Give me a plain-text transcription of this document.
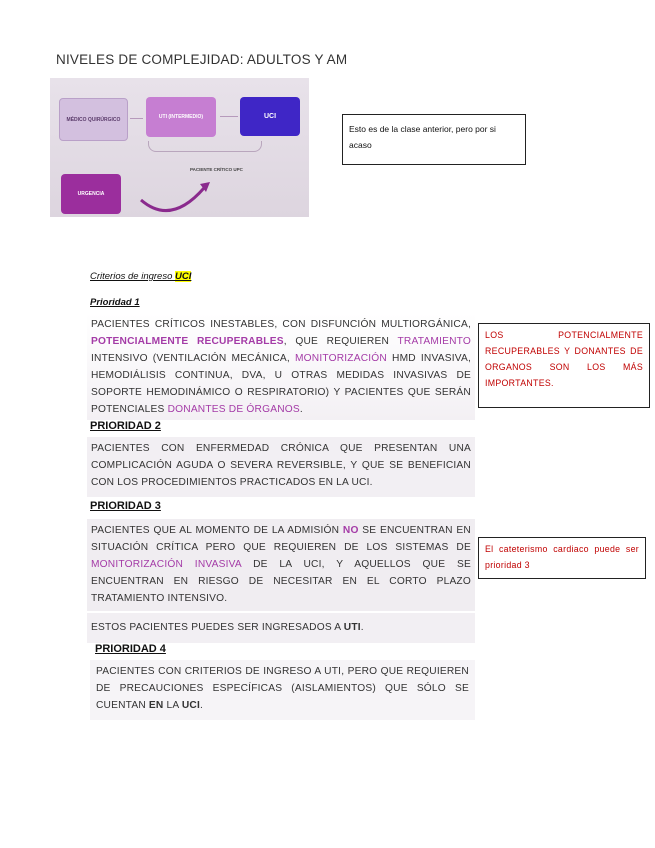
NIVELES DE COMPLEJIDAD: ADULTOS Y AM
MÉDICO QUIRÚRGICO	UTI (INTERMEDIO)	UCI
PACIENTE CRÍTICO UPC
URGENCIA
Esto es de la clase anterior, pero por si acaso
Criterios de ingreso UCI
Prioridad 1
PACIENTES CRÍTICOS INESTABLES, CON DISFUNCIÓN MULTIORGÁNICA, POTENCIALMENTE RECUPERABLES, QUE REQUIEREN TRATAMIENTO INTENSIVO (VENTILACIÓN MECÁNICA, MONITORIZACIÓN HMD INVASIVA, HEMODIÁLISIS CONTINUA, DVA, U OTRAS MEDIDAS INVASIVAS DE SOPORTE HEMODINÁMICO O RESPIRATORIO) Y PACIENTES QUE SERÁN POTENCIALES DONANTES DE ÓRGANOS.
PRIORIDAD 2
PACIENTES CON ENFERMEDAD CRÓNICA QUE PRESENTAN UNA COMPLICACIÓN AGUDA O SEVERA REVERSIBLE, Y QUE SE BENEFICIAN CON LOS PROCEDIMIENTOS PRACTICADOS EN LA UCI.
PRIORIDAD 3
PACIENTES QUE AL MOMENTO DE LA ADMISIÓN NO SE ENCUENTRAN EN SITUACIÓN CRÍTICA PERO QUE REQUIEREN DE LOS SISTEMAS DE MONITORIZACIÓN INVASIVA DE LA UCI, Y AQUELLOS QUE SE ENCUENTRAN EN RIESGO DE NECESITAR EN EL CORTO PLAZO TRATAMIENTO INTENSIVO.
ESTOS PACIENTES PUEDES SER INGRESADOS A UTI.
PRIORIDAD 4
PACIENTES CON CRITERIOS DE INGRESO A UTI, PERO QUE REQUIEREN DE PRECAUCIONES ESPECÍFICAS (AISLAMIENTOS) QUE SÓLO SE CUENTAN EN LA UCI.
LOS POTENCIALMENTE RECUPERABLES Y DONANTES DE ORGANOS SON LOS MÁS IMPORTANTES.
El cateterismo cardiaco puede ser prioridad 3
